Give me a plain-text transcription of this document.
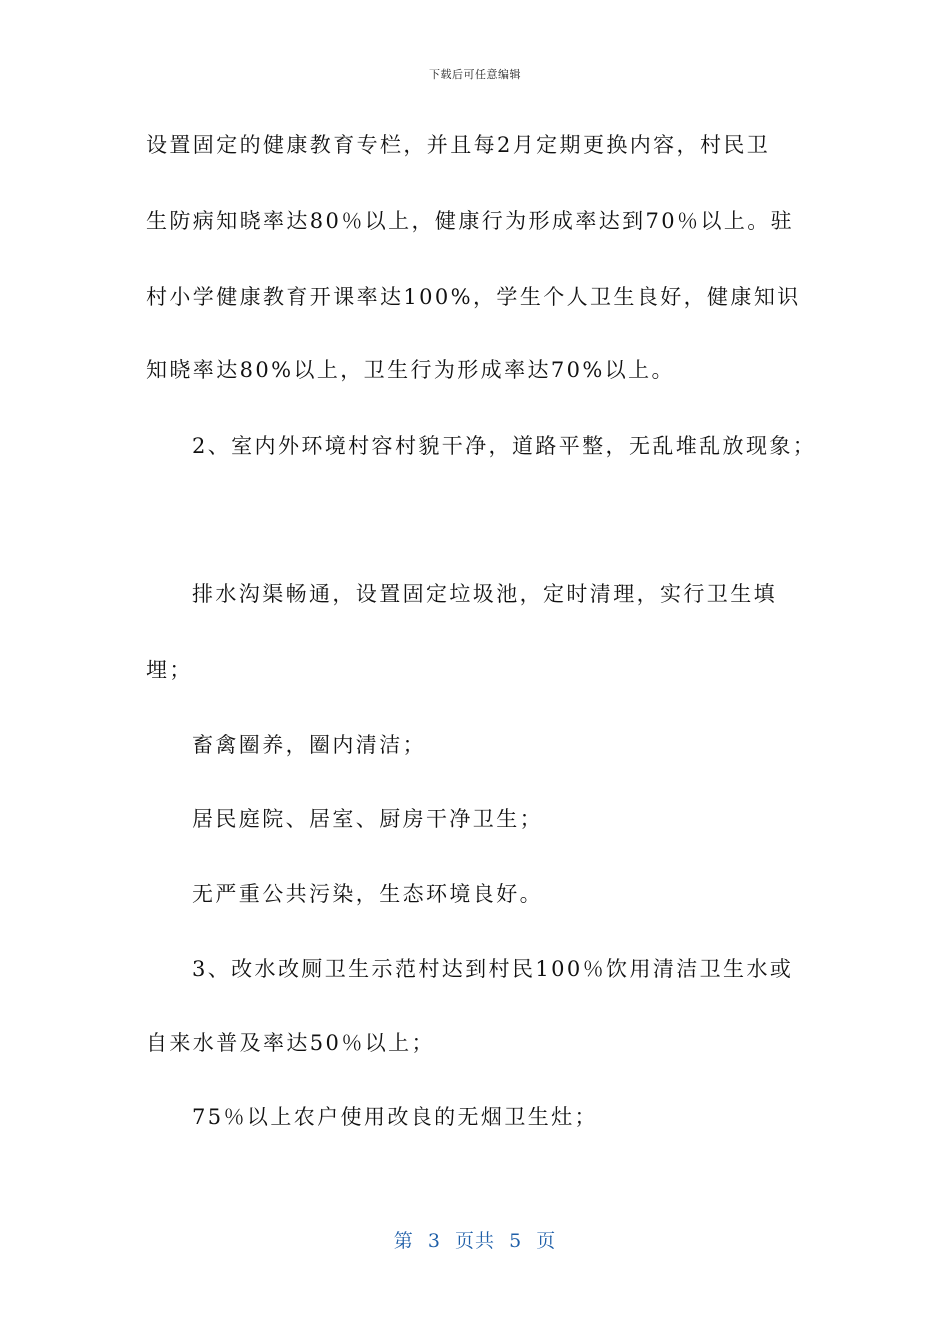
下载后可任意编辑
设置固定的健康教育专栏，并且每2月定期更换内容，村民卫
生防病知晓率达80％以上，健康行为形成率达到70％以上。驻
村小学健康教育开课率达100%，学生个人卫生良好，健康知识
知晓率达80%以上，卫生行为形成率达70%以上。
2、室内外环境村容村貌干净，道路平整，无乱堆乱放现象；
排水沟渠畅通，设置固定垃圾池，定时清理，实行卫生填
埋；
畜禽圈养，圈内清洁；
居民庭院、居室、厨房干净卫生；
无严重公共污染，生态环境良好。
3、改水改厕卫生示范村达到村民100％饮用清洁卫生水或
自来水普及率达50％以上；
75％以上农户使用改良的无烟卫生灶；
第  3  页共  5  页
